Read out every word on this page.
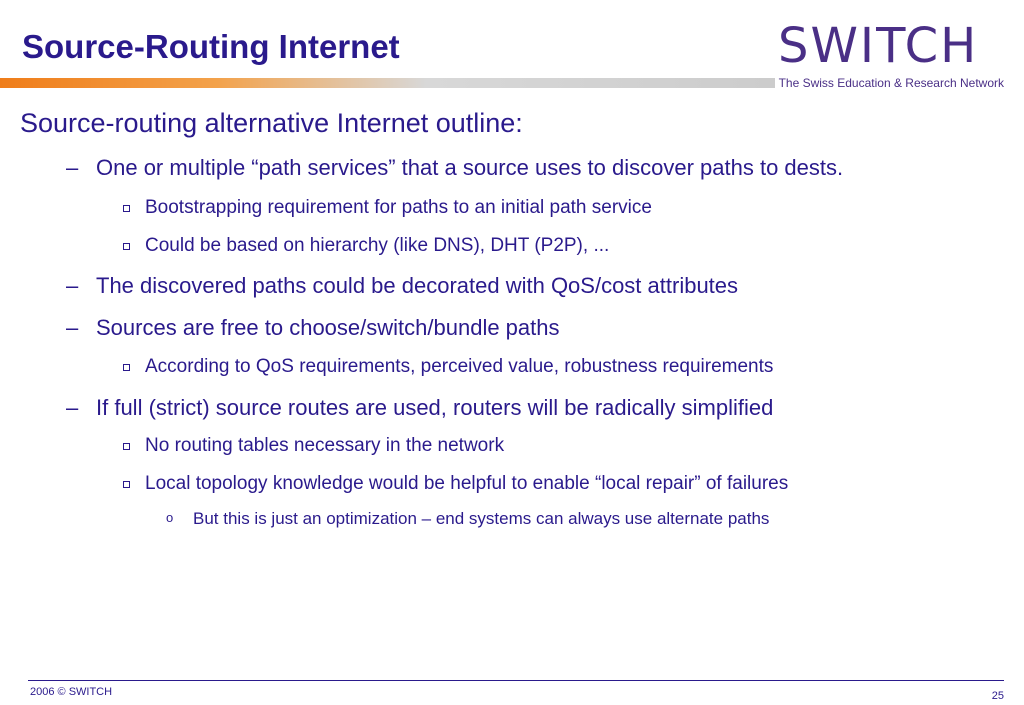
Source-Routing Internet	SWITCH
The Swiss Education & Research Network
Source-routing alternative Internet outline:
– One or multiple “path services” that a source uses to discover paths to dests.
Bootstrapping requirement for paths to an initial path service
Could be based on hierarchy (like DNS), DHT (P2P), ...
– The discovered paths could be decorated with QoS/cost attributes
– Sources are free to choose/switch/bundle paths
According to QoS requirements, perceived value, robustness requirements
– If full (strict) source routes are used, routers will be radically simplified
No routing tables necessary in the network
Local topology knowledge would be helpful to enable “local repair” of failures
o But this is just an optimization – end systems can always use alternate paths
2006 © SWITCH	25
